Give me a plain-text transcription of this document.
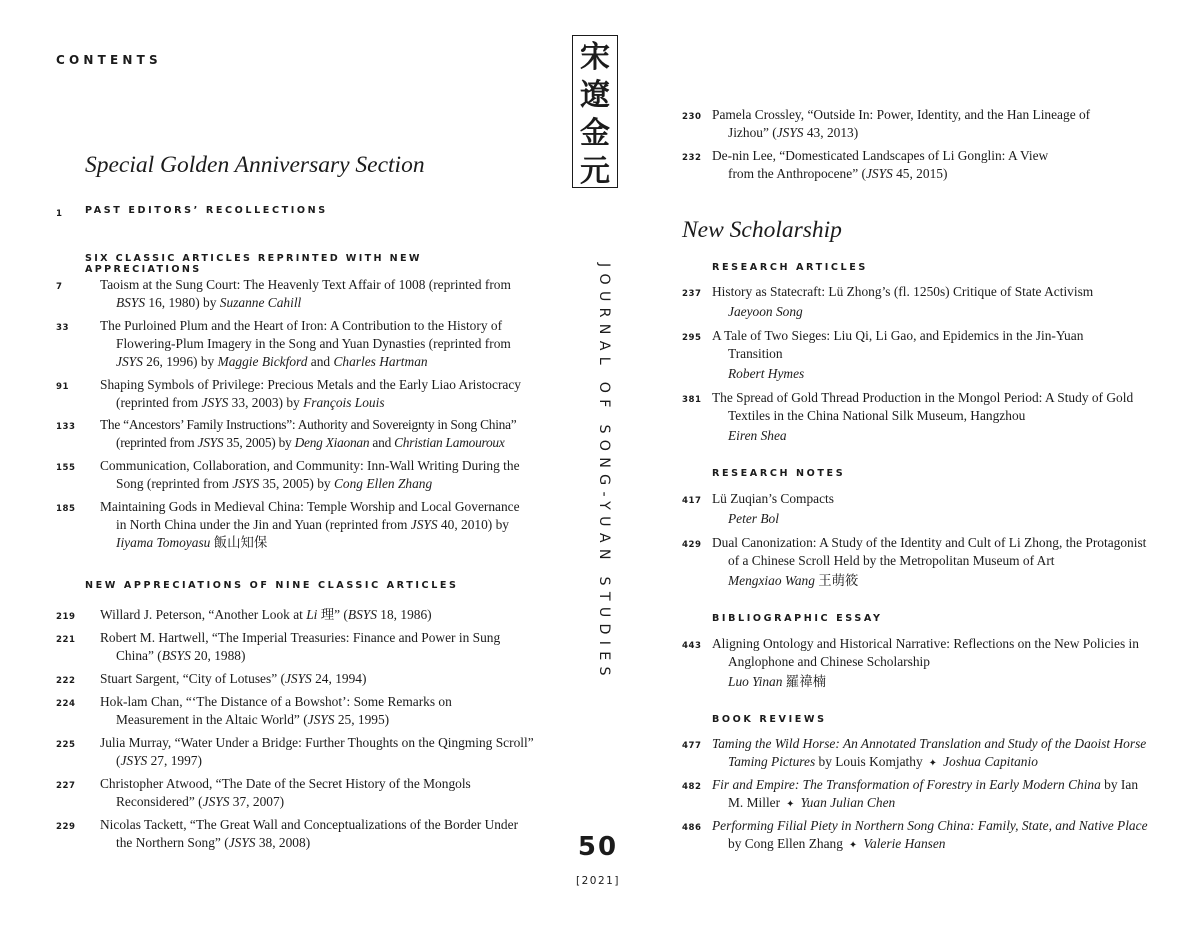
CONTENTS
Special Golden Anniversary Section
1 PAST EDITORS’ RECOLLECTIONS
SIX CLASSIC ARTICLES REPRINTED WITH NEW APPRECIATIONS
7	Taoism at the Sung Court: The Heavenly Text Affair of 1008 (reprinted from BSYS 16, 1980) by Suzanne Cahill
33 The Purloined Plum and the Heart of Iron: A Contribution to the History of Flowering-Plum Imagery in the Song and Yuan Dynasties (reprinted from JSYS 26, 1996) by Maggie Bickford and Charles Hartman
91 Shaping Symbols of Privilege: Precious Metals and the Early Liao Aristocracy (reprinted from JSYS 33, 2003) by François Louis
133 The “Ancestors’ Family Instructions”: Authority and Sovereignty in Song China” (reprinted from JSYS 35, 2005) by Deng Xiaonan and Christian Lamouroux
155 Communication, Collaboration, and Community: Inn-Wall Writing During the Song (reprinted from JSYS 35, 2005) by Cong Ellen Zhang
185 Maintaining Gods in Medieval China: Temple Worship and Local Governance in North China under the Jin and Yuan (reprinted from JSYS 40, 2010) by Iiyama Tomoyasu 飯山知保
NEW APPRECIATIONS OF NINE CLASSIC ARTICLES
219 Willard J. Peterson, “Another Look at Li 理” (BSYS 18, 1986)
221 Robert M. Hartwell, “The Imperial Treasuries: Finance and Power in Sung China” (BSYS 20, 1988)
222 Stuart Sargent, “City of Lotuses” (JSYS 24, 1994)
224 Hok-lam Chan, “‘The Distance of a Bowshot’: Some Remarks on Measurement in the Altaic World” (JSYS 25, 1995)
225 Julia Murray, “Water Under a Bridge: Further Thoughts on the Qingming Scroll” (JSYS 27, 1997)
227 Christopher Atwood, “The Date of the Secret History of the Mongols Reconsidered” (JSYS 37, 2007)
229 Nicolas Tackett, “The Great Wall and Conceptualizations of the Border Under the Northern Song” (JSYS 38, 2008)
宋
遼
金
元
JOURNAL OF SONG-YUAN STUDIES
50
[2021]
230 Pamela Crossley, “Outside In: Power, Identity, and the Han Lineage of Jizhou” (JSYS 43, 2013)
232 De-nin Lee, “Domesticated Landscapes of Li Gonglin: A View from the Anthropocene” (JSYS 45, 2015)
New Scholarship
RESEARCH ARTICLES
237 History as Statecraft: Lü Zhong’s (fl. 1250s) Critique of State Activism
Jaeyoon Song
295 A Tale of Two Sieges: Liu Qi, Li Gao, and Epidemics in the Jin-Yuan Transition
Robert Hymes
381 The Spread of Gold Thread Production in the Mongol Period: A Study of Gold Textiles in the China National Silk Museum, Hangzhou
Eiren Shea
RESEARCH NOTES
417 Lü Zuqian’s Compacts
Peter Bol
429 Dual Canonization: A Study of the Identity and Cult of Li Zhong, the Protagonist of a Chinese Scroll Held by the Metropolitan Museum of Art
Mengxiao Wang 王萌筱
BIBLIOGRAPHIC ESSAY
443 Aligning Ontology and Historical Narrative: Reflections on the New Policies in Anglophone and Chinese Scholarship
Luo Yinan 羅禕楠
BOOK REVIEWS
477 Taming the Wild Horse: An Annotated Translation and Study of the Daoist Horse Taming Pictures by Louis Komjathy ✦ Joshua Capitanio
482 Fir and Empire: The Transformation of Forestry in Early Modern China by Ian M. Miller ✦ Yuan Julian Chen
486 Performing Filial Piety in Northern Song China: Family, State, and Native Place by Cong Ellen Zhang ✦ Valerie Hansen
